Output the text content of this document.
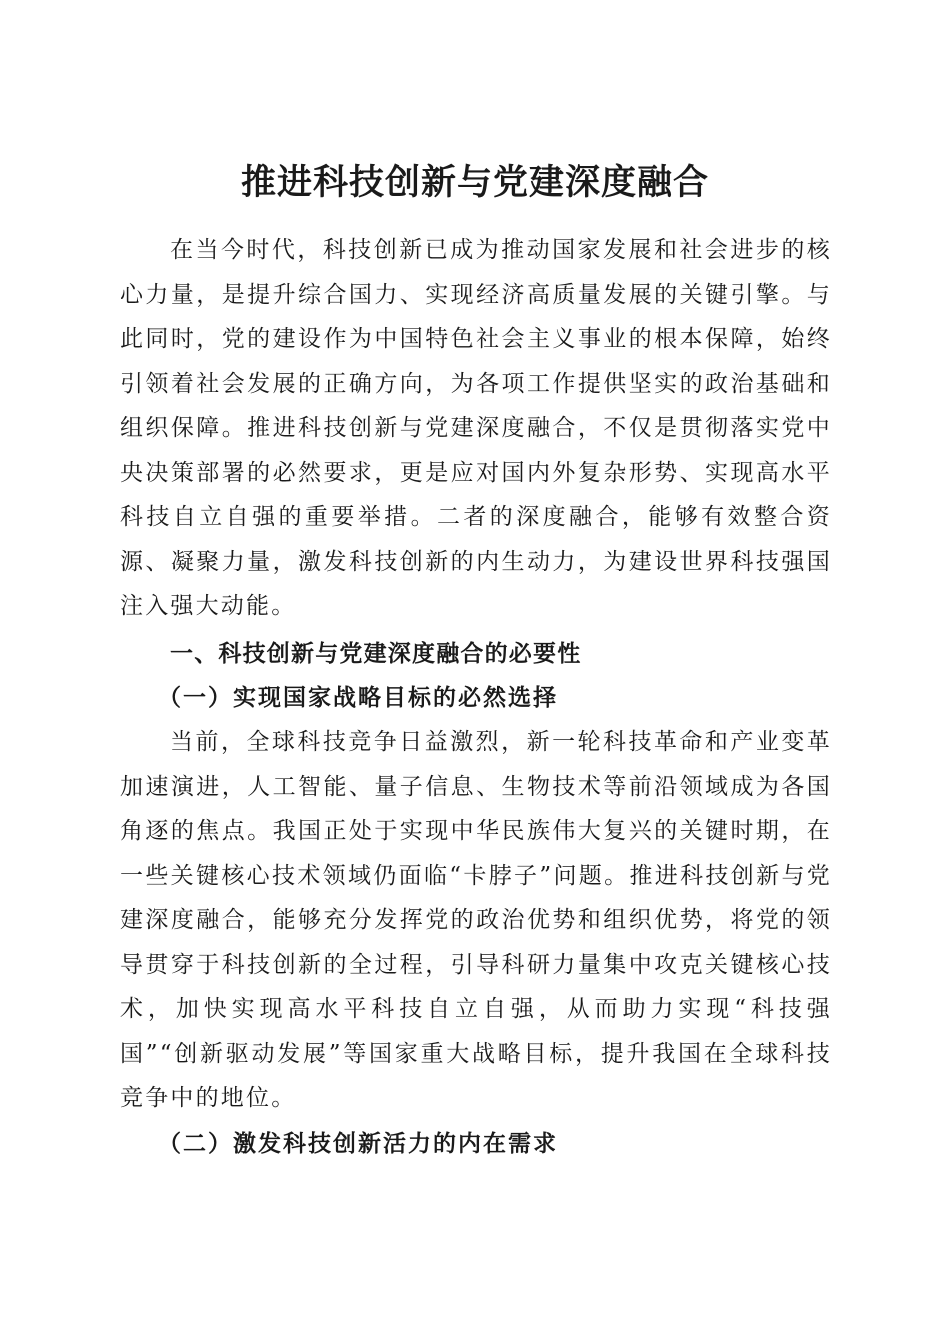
推进科技创新与党建深度融合

在当今时代，科技创新已成为推动国家发展和社会进步的核心力量，是提升综合国力、实现经济高质量发展的关键引擎。与此同时，党的建设作为中国特色社会主义事业的根本保障，始终引领着社会发展的正确方向，为各项工作提供坚实的政治基础和组织保障。推进科技创新与党建深度融合，不仅是贯彻落实党中央决策部署的必然要求，更是应对国内外复杂形势、实现高水平科技自立自强的重要举措。二者的深度融合，能够有效整合资源、凝聚力量，激发科技创新的内生动力，为建设世界科技强国注入强大动能。

一、科技创新与党建深度融合的必要性
（一）实现国家战略目标的必然选择

当前，全球科技竞争日益激烈，新一轮科技革命和产业变革加速演进，人工智能、量子信息、生物技术等前沿领域成为各国角逐的焦点。我国正处于实现中华民族伟大复兴的关键时期，在一些关键核心技术领域仍面临“卡脖子”问题。推进科技创新与党建深度融合，能够充分发挥党的政治优势和组织优势，将党的领导贯穿于科技创新的全过程，引导科研力量集中攻克关键核心技术，加快实现高水平科技自立自强，从而助力实现“科技强国”“创新驱动发展”等国家重大战略目标，提升我国在全球科技竞争中的地位。

（二）激发科技创新活力的内在需求
